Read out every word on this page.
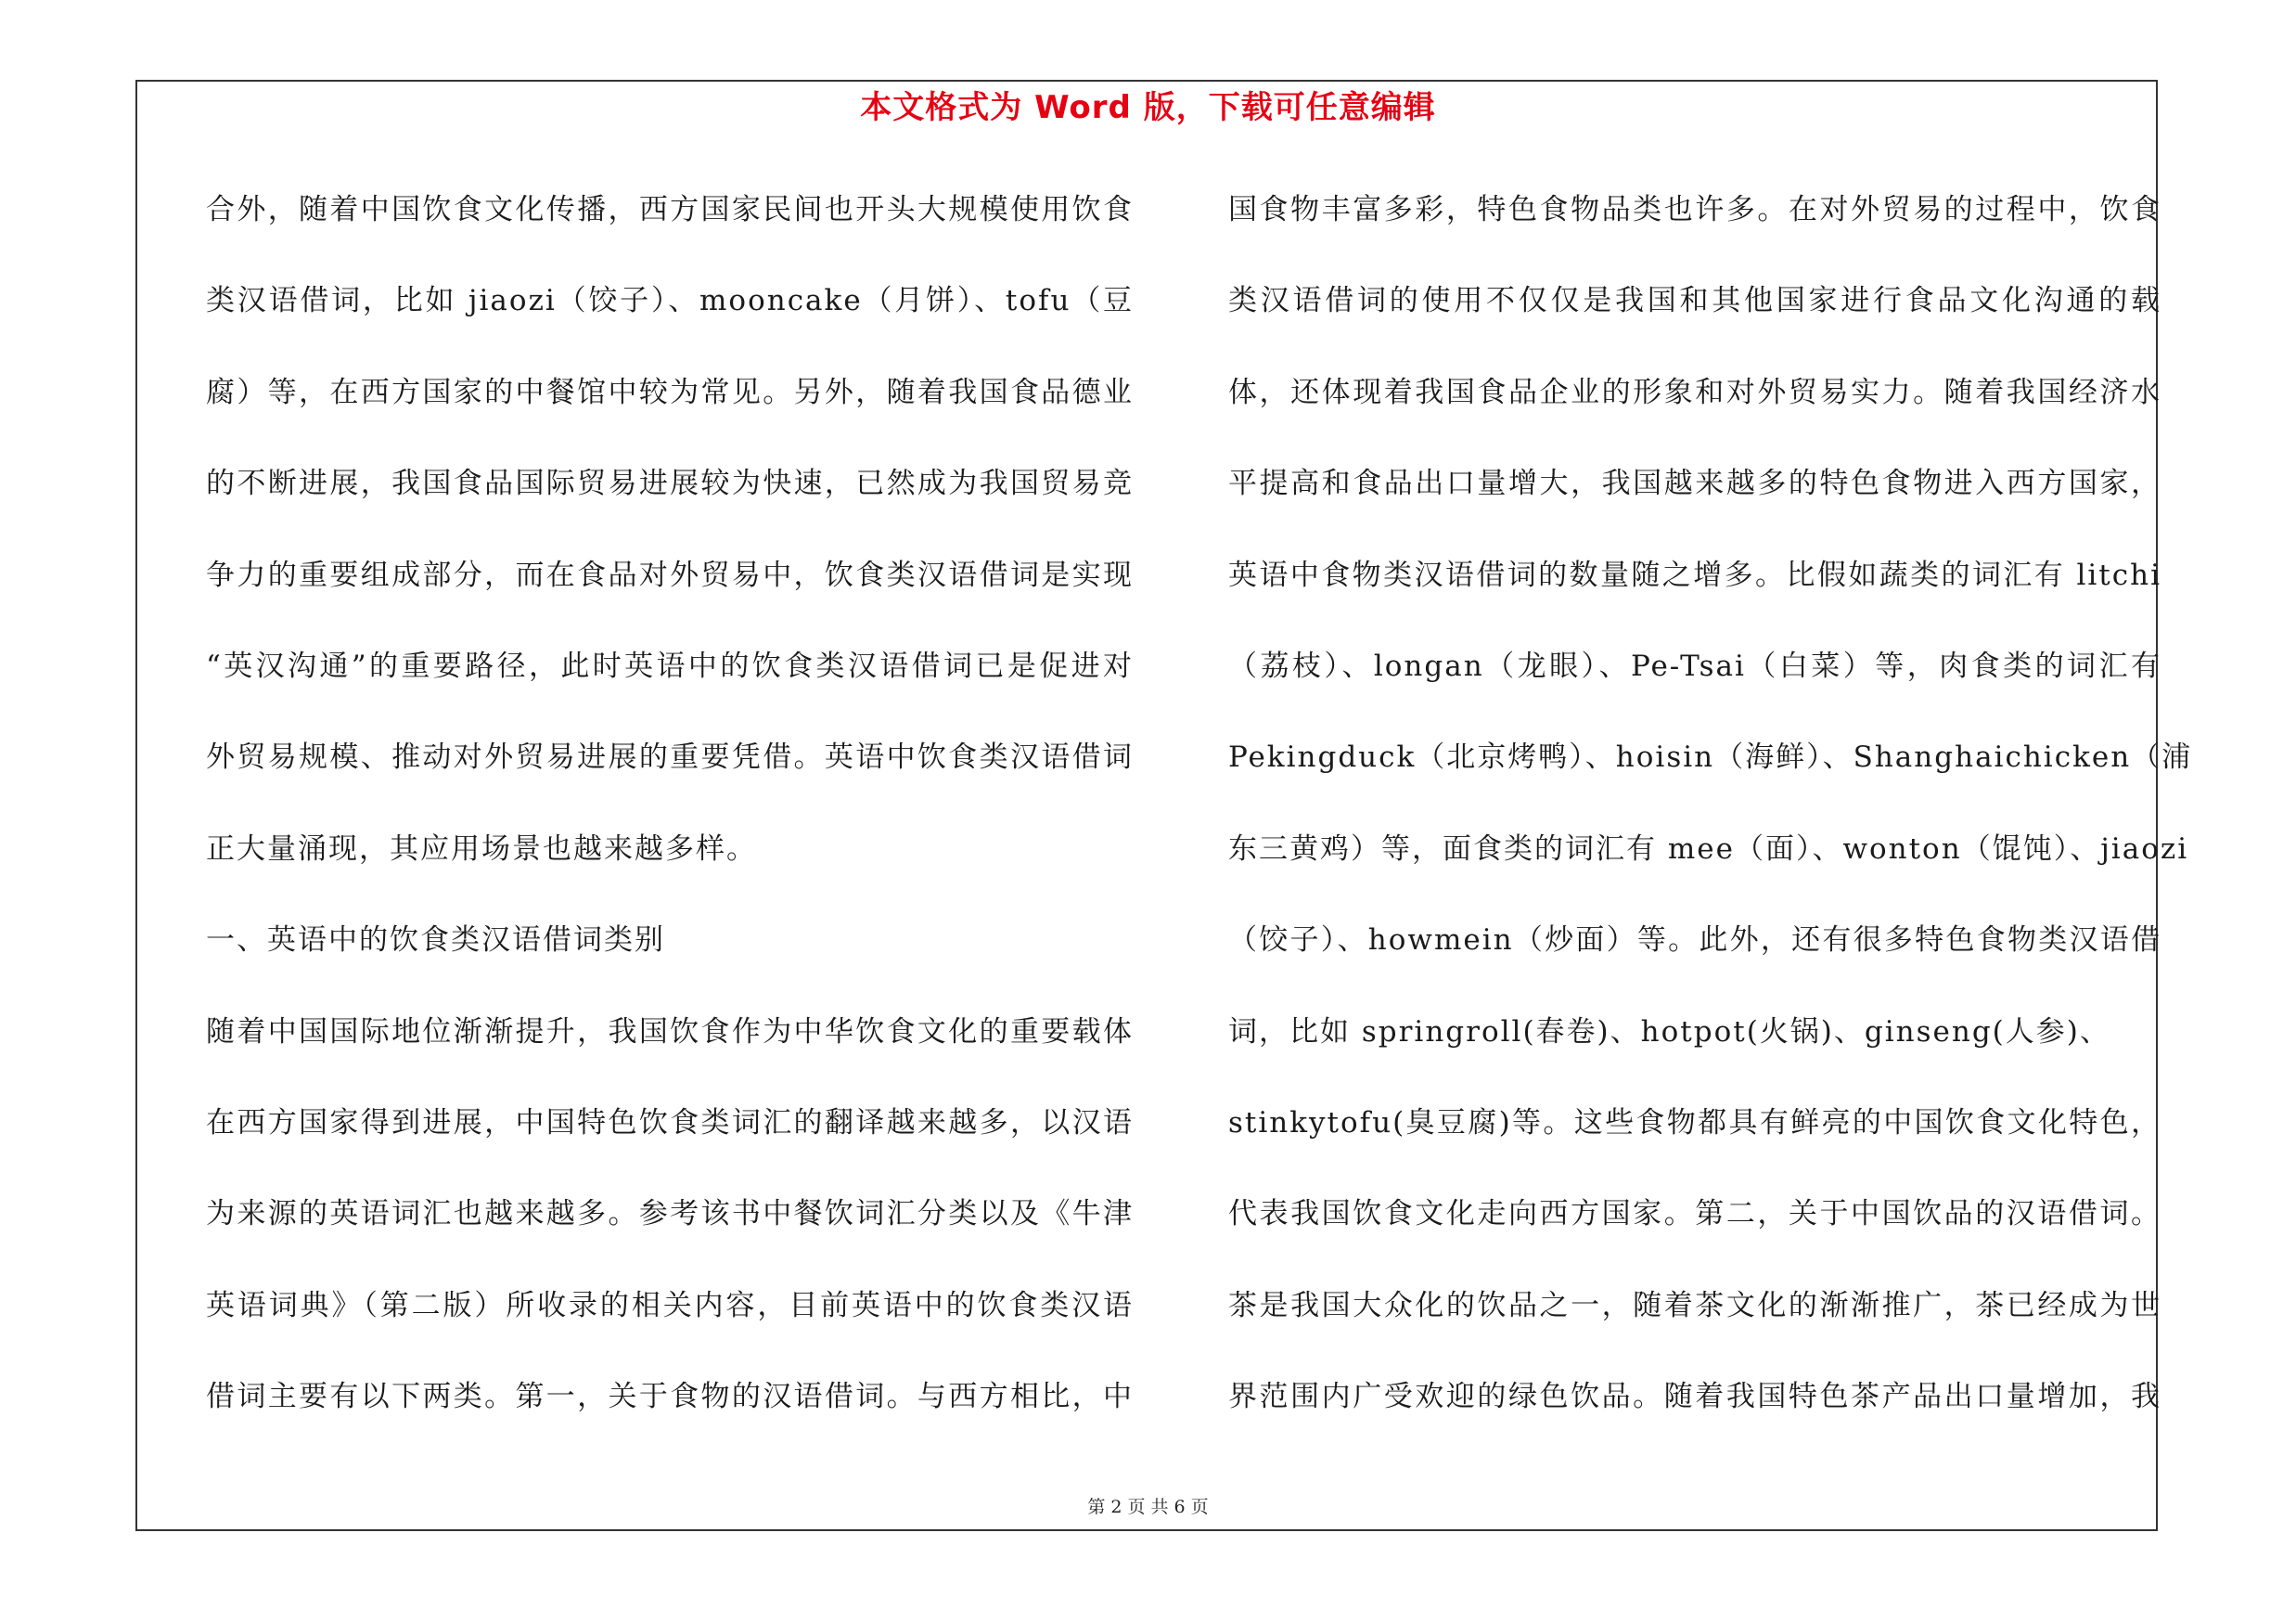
本文格式为 Word 版，下载可任意编辑
合外，随着中国饮食文化传播，西方国家民间也开头大规模使用饮食
类汉语借词，比如 jiaozi（饺子）、mooncake（月饼）、tofu（豆
腐）等，在西方国家的中餐馆中较为常见。另外，随着我国食品德业
的不断进展，我国食品国际贸易进展较为快速，已然成为我国贸易竞
争力的重要组成部分，而在食品对外贸易中，饮食类汉语借词是实现
“英汉沟通”的重要路径，此时英语中的饮食类汉语借词已是促进对
外贸易规模、推动对外贸易进展的重要凭借。英语中饮食类汉语借词
正大量涌现，其应用场景也越来越多样。
一、英语中的饮食类汉语借词类别
随着中国国际地位渐渐提升，我国饮食作为中华饮食文化的重要载体
在西方国家得到进展，中国特色饮食类词汇的翻译越来越多，以汉语
为来源的英语词汇也越来越多。参考该书中餐饮词汇分类以及《牛津
英语词典》（第二版）所收录的相关内容，目前英语中的饮食类汉语
借词主要有以下两类。第一，关于食物的汉语借词。与西方相比，中
国食物丰富多彩，特色食物品类也许多。在对外贸易的过程中，饮食
类汉语借词的使用不仅仅是我国和其他国家进行食品文化沟通的载
体，还体现着我国食品企业的形象和对外贸易实力。随着我国经济水
平提高和食品出口量增大，我国越来越多的特色食物进入西方国家，
英语中食物类汉语借词的数量随之增多。比假如蔬类的词汇有 litchi
（荔枝）、longan（龙眼）、Pe-Tsai（白菜）等，肉食类的词汇有
Pekingduck（北京烤鸭）、hoisin（海鲜）、Shanghaichicken（浦
东三黄鸡）等，面食类的词汇有 mee（面）、wonton（馄饨）、jiaozi
（饺子）、howmein（炒面）等。此外，还有很多特色食物类汉语借
词，比如 springroll(春卷)、hotpot(火锅)、ginseng(人参)、
stinkytofu(臭豆腐)等。这些食物都具有鲜亮的中国饮食文化特色，
代表我国饮食文化走向西方国家。第二，关于中国饮品的汉语借词。
茶是我国大众化的饮品之一，随着茶文化的渐渐推广，茶已经成为世
界范围内广受欢迎的绿色饮品。随着我国特色茶产品出口量增加，我
第 2 页 共 6 页
